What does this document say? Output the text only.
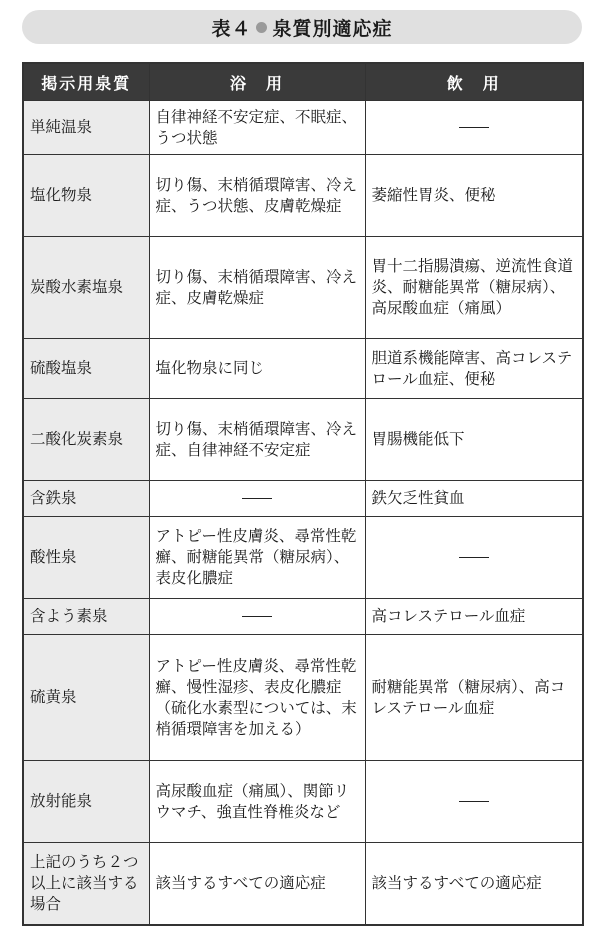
表４ 泉質別適応症
掲示用泉質	浴　用	飲　用
単純温泉	自律神経不安定症、不眠症、うつ状態	
塩化物泉	切り傷、末梢循環障害、冷え症、うつ状態、皮膚乾燥症	萎縮性胃炎、便秘
炭酸水素塩泉	切り傷、末梢循環障害、冷え症、皮膚乾燥症	胃十二指腸潰瘍、逆流性食道炎、耐糖能異常（糖尿病）、高尿酸血症（痛風）
硫酸塩泉	塩化物泉に同じ	胆道系機能障害、高コレステロール血症、便秘
二酸化炭素泉	切り傷、末梢循環障害、冷え症、自律神経不安定症	胃腸機能低下
含鉄泉		鉄欠乏性貧血
酸性泉	アトピー性皮膚炎、尋常性乾癬、耐糖能異常（糖尿病）、表皮化膿症	
含よう素泉		高コレステロール血症
硫黄泉	アトピー性皮膚炎、尋常性乾癬、慢性湿疹、表皮化膿症（硫化水素型については、末梢循環障害を加える）	耐糖能異常（糖尿病）、高コレステロール血症
放射能泉	高尿酸血症（痛風）、関節リウマチ、強直性脊椎炎など	
上記のうち２つ以上に該当する場合	該当するすべての適応症	該当するすべての適応症
